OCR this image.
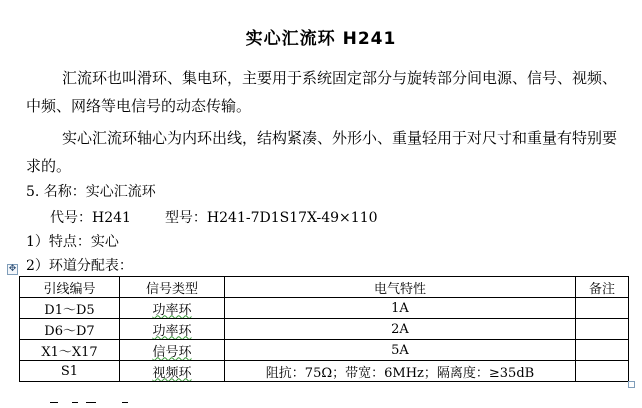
实心汇流环 H241

汇流环也叫滑环、集电环，主要用于系统固定部分与旋转部分间电源、信号、视频、中频、网络等电信号的动态传输。

实心汇流环轴心为内环出线，结构紧凑、外形小、重量轻用于对尺寸和重量有特别要求的。

5. 名称：实心汇流环
代号：H241 型号：H241-7D1S17X-49×110
1）特点：实心
2）环道分配表：
✥
引线编号	信号类型	电气特性	备注
D1～D5	功率环	1A	
D6～D7	功率环	2A	
X1～X17	信号环	5A	
S1	视频环	阻抗：75Ω；带宽：6MHz；隔离度：≥35dB	
